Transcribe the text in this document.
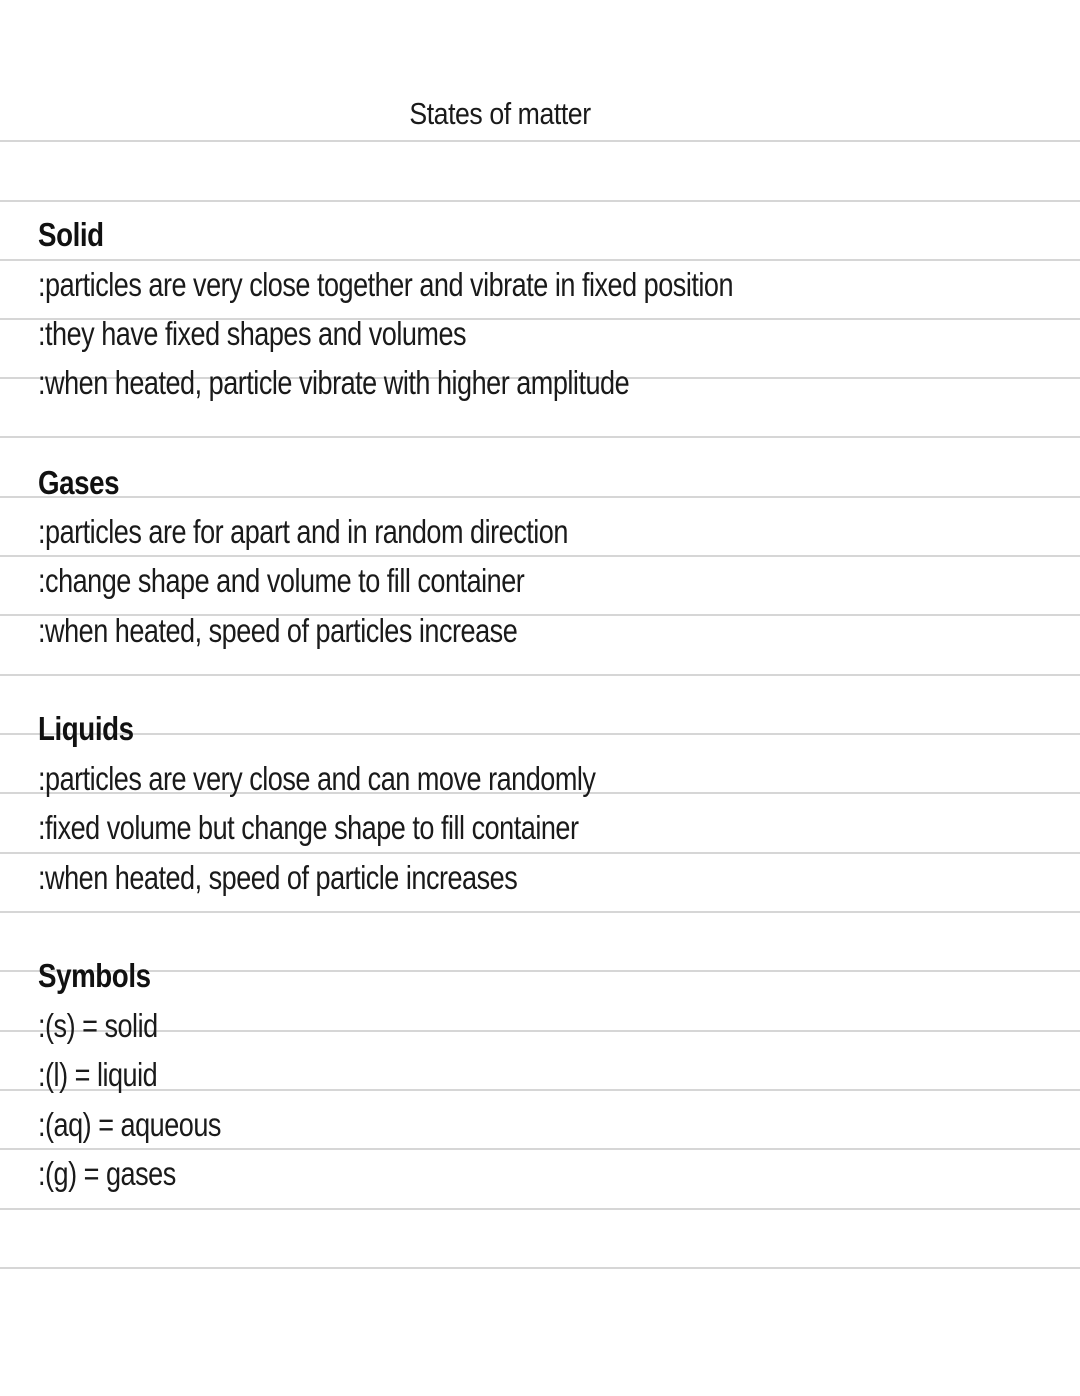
States of matter
Solid
:particles are very close together and vibrate in fixed position
:they have fixed shapes and volumes
:when heated, particle vibrate with higher amplitude
Gases
:particles are for apart and in random direction
:change shape and volume to fill container
:when heated, speed of particles increase
Liquids
:particles are very close and can move randomly
:fixed volume but change shape to fill container
:when heated, speed of particle increases
Symbols
:(s) = solid
:(l) = liquid
:(aq) = aqueous
:(g) = gases
